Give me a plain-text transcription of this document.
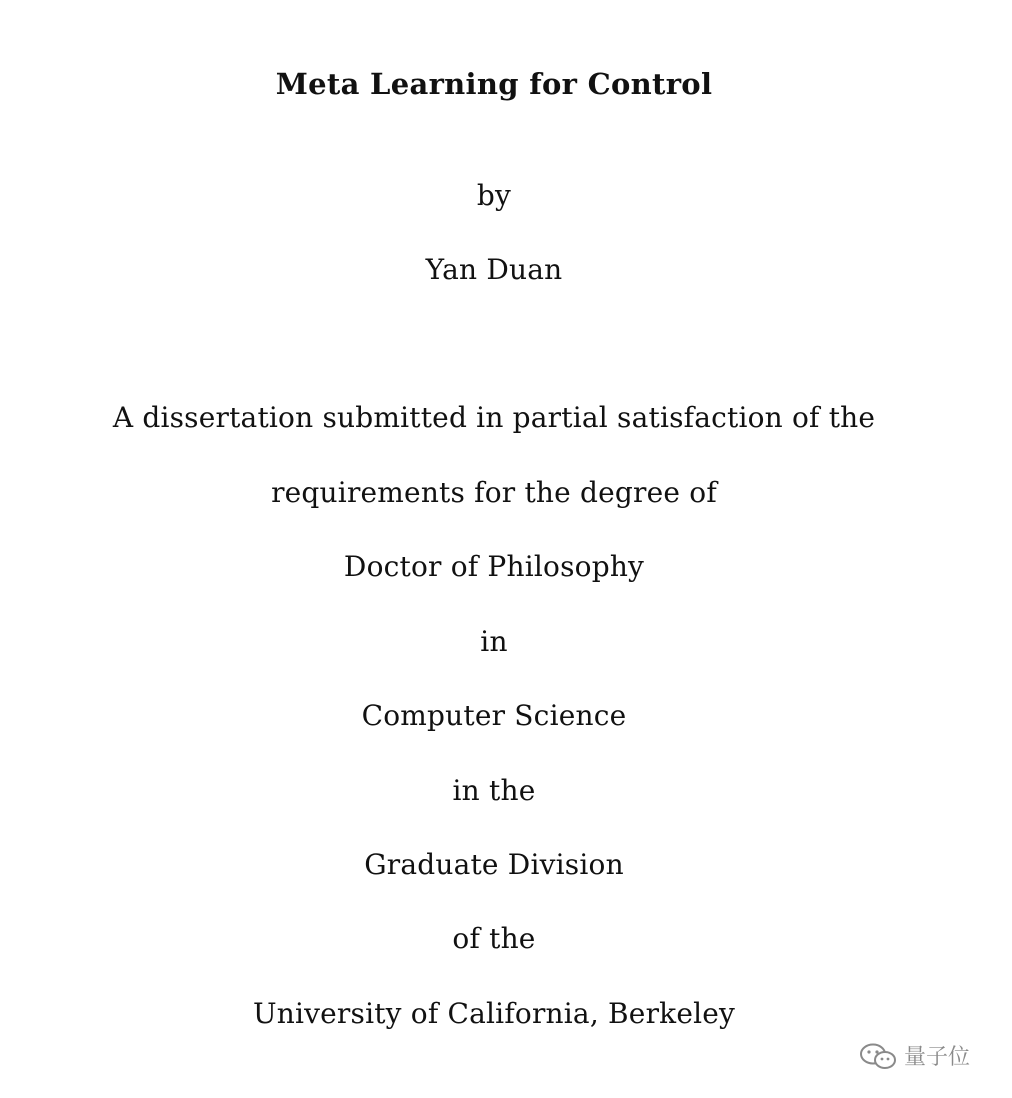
Meta Learning for Control
by
Yan Duan
A dissertation submitted in partial satisfaction of the
requirements for the degree of
Doctor of Philosophy
in
Computer Science
in the
Graduate Division
of the
University of California, Berkeley
量子位
